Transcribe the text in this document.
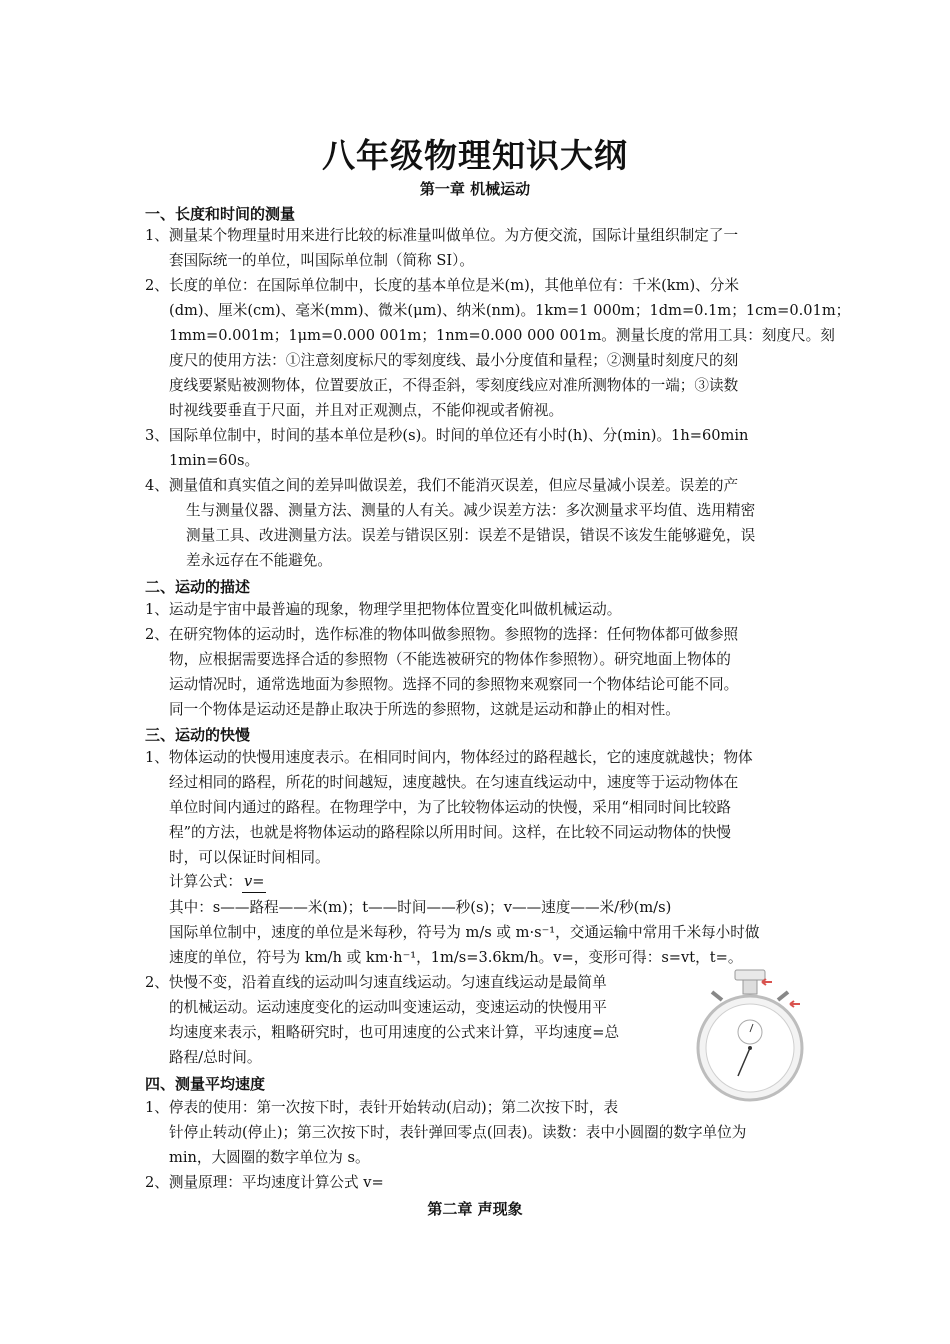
八年级物理知识大纲
第一章 机械运动
一、长度和时间的测量
1、测量某个物理量时用来进行比较的标准量叫做单位。为方便交流，国际计量组织制定了一
套国际统一的单位，叫国际单位制（简称 SI）。
2、长度的单位：在国际单位制中，长度的基本单位是米(m)，其他单位有：千米(km)、分米
(dm)、厘米(cm)、毫米(mm)、微米(μm)、纳米(nm)。1km=1 000m；1dm=0.1m；1cm=0.01m；
1mm=0.001m；1μm=0.000 001m；1nm=0.000 000 001m。测量长度的常用工具：刻度尺。刻
度尺的使用方法：①注意刻度标尺的零刻度线、最小分度值和量程；②测量时刻度尺的刻
度线要紧贴被测物体，位置要放正，不得歪斜，零刻度线应对准所测物体的一端；③读数
时视线要垂直于尺面，并且对正观测点，不能仰视或者俯视。
3、国际单位制中，时间的基本单位是秒(s)。时间的单位还有小时(h)、分(min)。1h=60min
1min=60s。
4、测量值和真实值之间的差异叫做误差，我们不能消灭误差，但应尽量减小误差。误差的产
生与测量仪器、测量方法、测量的人有关。减少误差方法：多次测量求平均值、选用精密
测量工具、改进测量方法。误差与错误区别：误差不是错误，错误不该发生能够避免，误
差永远存在不能避免。
二、运动的描述
1、运动是宇宙中最普遍的现象，物理学里把物体位置变化叫做机械运动。
2、在研究物体的运动时，选作标准的物体叫做参照物。参照物的选择：任何物体都可做参照
物，应根据需要选择合适的参照物（不能选被研究的物体作参照物）。研究地面上物体的
运动情况时，通常选地面为参照物。选择不同的参照物来观察同一个物体结论可能不同。
同一个物体是运动还是静止取决于所选的参照物，这就是运动和静止的相对性。
三、运动的快慢
1、物体运动的快慢用速度表示。在相同时间内，物体经过的路程越长，它的速度就越快；物体
经过相同的路程，所花的时间越短，速度越快。在匀速直线运动中，速度等于运动物体在
单位时间内通过的路程。在物理学中，为了比较物体运动的快慢，采用“相同时间比较路
程”的方法，也就是将物体运动的路程除以所用时间。这样，在比较不同运动物体的快慢
时，可以保证时间相同。
计算公式： v=
其中：s——路程——米(m)；t——时间——秒(s)；v——速度——米/秒(m/s)
国际单位制中，速度的单位是米每秒，符号为 m/s 或 m·s⁻¹，交通运输中常用千米每小时做
速度的单位，符号为 km/h 或 km·h⁻¹，1m/s=3.6km/h。v=，变形可得：s=vt，t=。
2、快慢不变，沿着直线的运动叫匀速直线运动。匀速直线运动是最简单
的机械运动。运动速度变化的运动叫变速运动，变速运动的快慢用平
均速度来表示，粗略研究时，也可用速度的公式来计算，平均速度=总
路程/总时间。
四、测量平均速度
1、停表的使用：第一次按下时，表针开始转动(启动)；第二次按下时，表
针停止转动(停止)；第三次按下时，表针弹回零点(回表)。读数：表中小圆圈的数字单位为
min，大圆圈的数字单位为 s。
2、测量原理：平均速度计算公式 v=
第二章 声现象
